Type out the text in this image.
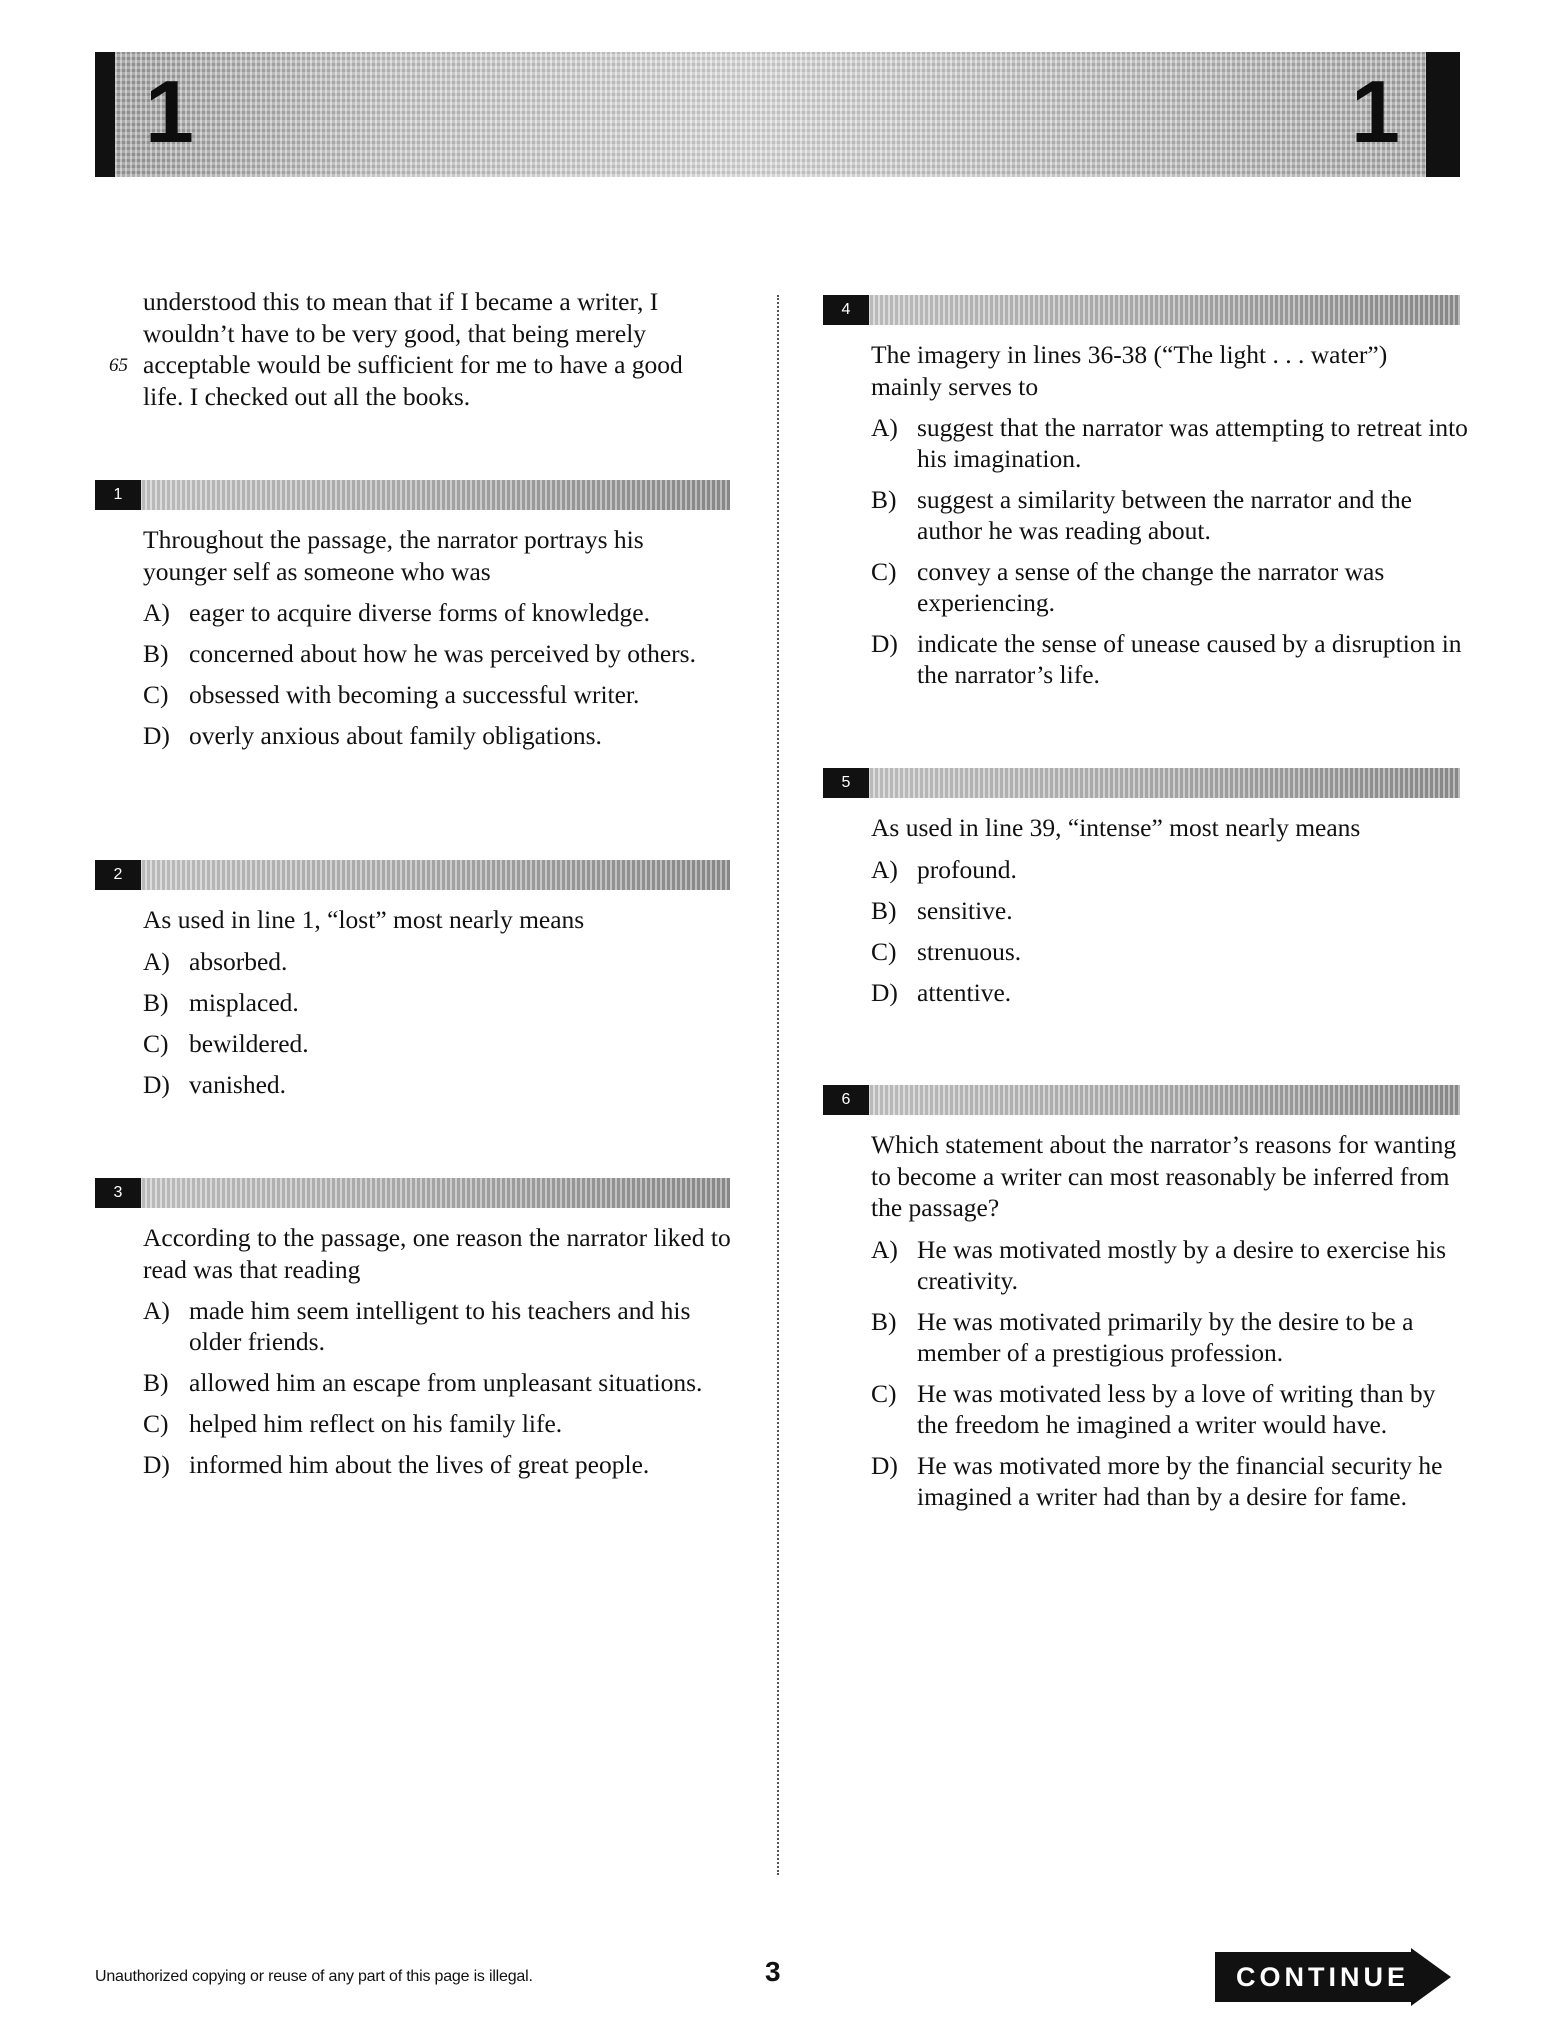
1	1
understood this to mean that if I became a writer, I
wouldn’t have to be very good, that being merely
65 acceptable would be sufficient for me to have a good
life. I checked out all the books.
1
Throughout the passage, the narrator portrays his younger self as someone who was
A) eager to acquire diverse forms of knowledge.
B) concerned about how he was perceived by others.
C) obsessed with becoming a successful writer.
D) overly anxious about family obligations.
2
As used in line 1, “lost” most nearly means
A) absorbed.
B) misplaced.
C) bewildered.
D) vanished.
3
According to the passage, one reason the narrator liked to read was that reading
A) made him seem intelligent to his teachers and his older friends.
B) allowed him an escape from unpleasant situations.
C) helped him reflect on his family life.
D) informed him about the lives of great people.
4
The imagery in lines 36-38 (“The light . . . water”) mainly serves to
A) suggest that the narrator was attempting to retreat into his imagination.
B) suggest a similarity between the narrator and the author he was reading about.
C) convey a sense of the change the narrator was experiencing.
D) indicate the sense of unease caused by a disruption in the narrator’s life.
5
As used in line 39, “intense” most nearly means
A) profound.
B) sensitive.
C) strenuous.
D) attentive.
6
Which statement about the narrator’s reasons for wanting to become a writer can most reasonably be inferred from the passage?
A) He was motivated mostly by a desire to exercise his creativity.
B) He was motivated primarily by the desire to be a member of a prestigious profession.
C) He was motivated less by a love of writing than by the freedom he imagined a writer would have.
D) He was motivated more by the financial security he imagined a writer had than by a desire for fame.
Unauthorized copying or reuse of any part of this page is illegal.	3	CONTINUE
